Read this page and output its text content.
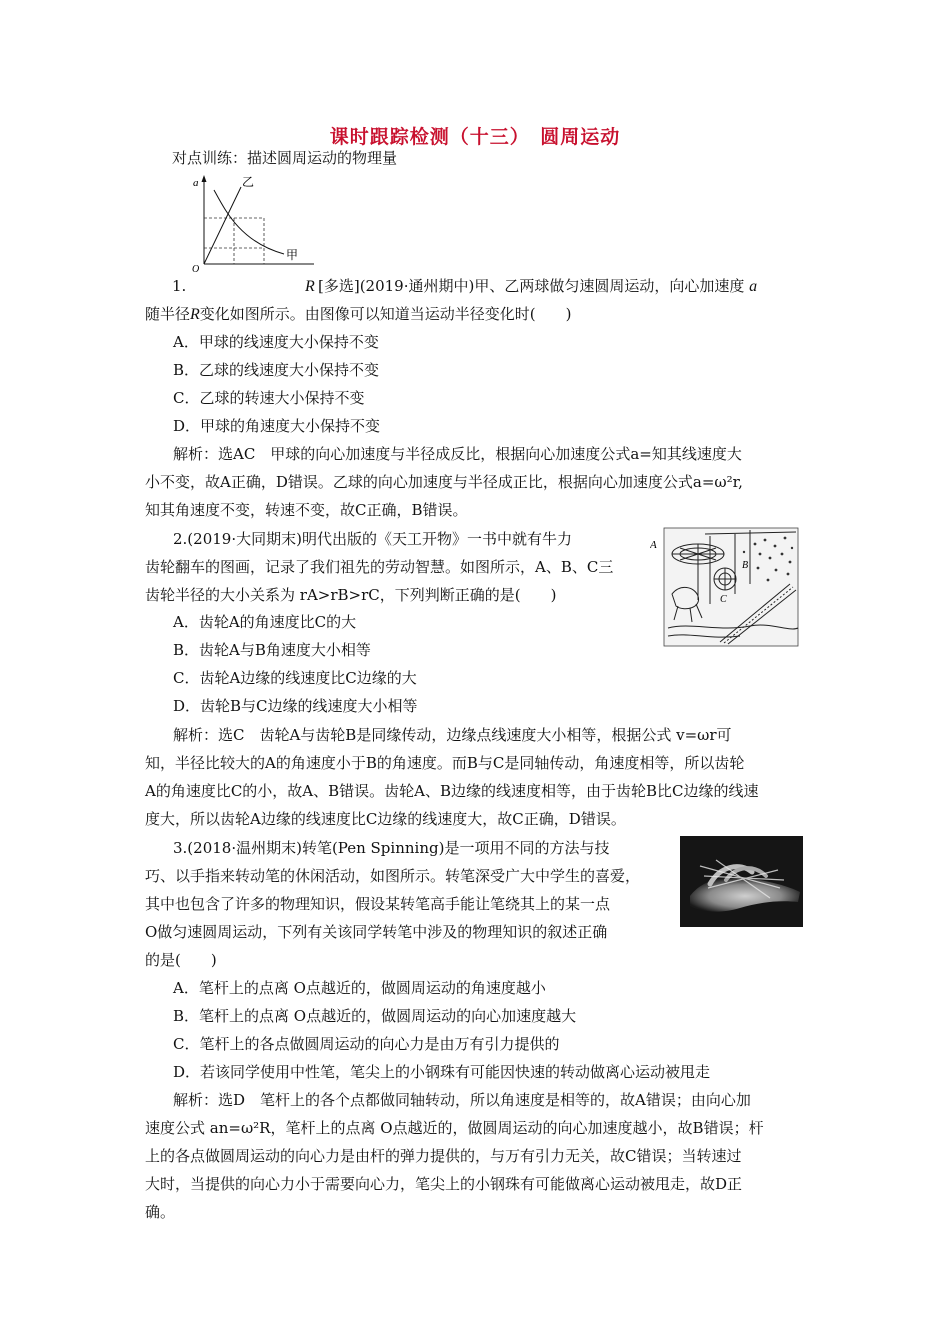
课时跟踪检测（十三）　圆周运动
对点训练：描述圆周运动的物理量
a
O
乙
甲
1.	R [多选](2019·通州期中)甲、乙两球做匀速圆周运动，向心加速度 a
随半径R变化如图所示。由图像可以知道当运动半径变化时(　　)
A．甲球的线速度大小保持不变
B．乙球的线速度大小保持不变
C．乙球的转速大小保持不变
D．甲球的角速度大小保持不变
解析：选AC　甲球的向心加速度与半径成反比，根据向心加速度公式a=知其线速度大
小不变，故A正确，D错误。乙球的向心加速度与半径成正比，根据向心加速度公式a=ω²r,
知其角速度不变，转速不变，故C正确，B错误。
2.(2019·大同期末)明代出版的《天工开物》一书中就有牛力
齿轮翻车的图画，记录了我们祖先的劳动智慧。如图所示，A、B、C三
齿轮半径的大小关系为 rA>rB>rC，下列判断正确的是(　　)
A
B
C
A．齿轮A的角速度比C的大
B．齿轮A与B角速度大小相等
C．齿轮A边缘的线速度比C边缘的大
D．齿轮B与C边缘的线速度大小相等
解析：选C　齿轮A与齿轮B是同缘传动，边缘点线速度大小相等，根据公式 v=ωr可
知，半径比较大的A的角速度小于B的角速度。而B与C是同轴传动，角速度相等，所以齿轮
A的角速度比C的小，故A、B错误。齿轮A、B边缘的线速度相等，由于齿轮B比C边缘的线速
度大，所以齿轮A边缘的线速度比C边缘的线速度大，故C正确，D错误。
3.(2018·温州期末)转笔(Pen Spinning)是一项用不同的方法与技
巧、以手指来转动笔的休闲活动，如图所示。转笔深受广大中学生的喜爱，
其中也包含了许多的物理知识，假设某转笔高手能让笔绕其上的某一点
O做匀速圆周运动，下列有关该同学转笔中涉及的物理知识的叙述正确
的是(　　)
A．笔杆上的点离 O点越近的，做圆周运动的角速度越小
B．笔杆上的点离 O点越近的，做圆周运动的向心加速度越大
C．笔杆上的各点做圆周运动的向心力是由万有引力提供的
D．若该同学使用中性笔，笔尖上的小钢珠有可能因快速的转动做离心运动被甩走
解析：选D　笔杆上的各个点都做同轴转动，所以角速度是相等的，故A错误；由向心加
速度公式 an=ω²R，笔杆上的点离 O点越近的，做圆周运动的向心加速度越小，故B错误；杆
上的各点做圆周运动的向心力是由杆的弹力提供的，与万有引力无关，故C错误；当转速过
大时，当提供的向心力小于需要向心力，笔尖上的小钢珠有可能做离心运动被甩走，故D正
确。
